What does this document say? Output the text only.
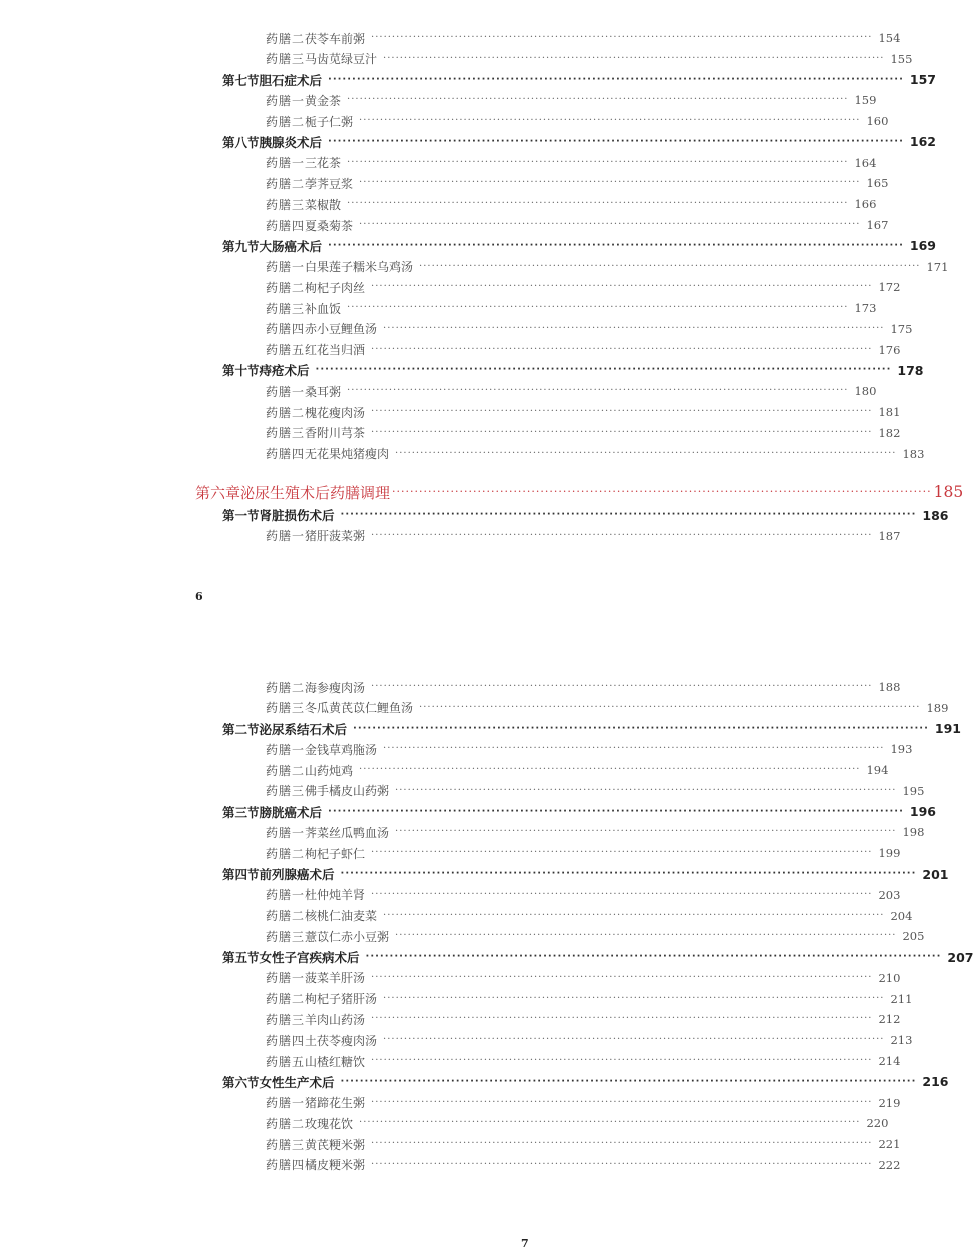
药膳二 茯苓车前粥 ························································································································ 154
药膳三 马齿苋绿豆汁 ························································································································ 155
第七节 胆石症术后 ························································································································ 157
药膳一 黄金茶 ························································································································ 159
药膳二 栀子仁粥 ························································································································ 160
第八节 胰腺炎术后 ························································································································ 162
药膳一 三花茶 ························································································································ 164
药膳二 荸荠豆浆 ························································································································ 165
药膳三 菜椒散 ························································································································ 166
药膳四 夏桑菊茶 ························································································································ 167
第九节 大肠癌术后 ························································································································ 169
药膳一 白果莲子糯米乌鸡汤 ························································································································ 171
药膳二 枸杞子肉丝 ························································································································ 172
药膳三 补血饭 ························································································································ 173
药膳四 赤小豆鲤鱼汤 ························································································································ 175
药膳五 红花当归酒 ························································································································ 176
第十节 痔疮术后 ························································································································ 178
药膳一 桑耳粥 ························································································································ 180
药膳二 槐花瘦肉汤 ························································································································ 181
药膳三 香附川芎茶 ························································································································ 182
药膳四 无花果炖猪瘦肉 ························································································································ 183
第六章 泌尿生殖术后药膳调理 ························································································································ 185
第一节 肾脏损伤术后 ························································································································ 186
药膳一 猪肝菠菜粥 ························································································································ 187
6
药膳二 海参瘦肉汤 ························································································································ 188
药膳三 冬瓜黄芪苡仁鲤鱼汤 ························································································································ 189
第二节 泌尿系结石术后 ························································································································ 191
药膳一 金钱草鸡胣汤 ························································································································ 193
药膳二 山药炖鸡 ························································································································ 194
药膳三 佛手橘皮山药粥 ························································································································ 195
第三节 膀胱癌术后 ························································································································ 196
药膳一 荠菜丝瓜鸭血汤 ························································································································ 198
药膳二 枸杞子虾仁 ························································································································ 199
第四节 前列腺癌术后 ························································································································ 201
药膳一 杜仲炖羊肾 ························································································································ 203
药膳二 核桃仁油麦菜 ························································································································ 204
药膳三 薏苡仁赤小豆粥 ························································································································ 205
第五节 女性子宫疾病术后 ························································································································ 207
药膳一 菠菜羊肝汤 ························································································································ 210
药膳二 枸杞子猪肝汤 ························································································································ 211
药膳三 羊肉山药汤 ························································································································ 212
药膳四 土茯苓瘦肉汤 ························································································································ 213
药膳五 山楂红糖饮 ························································································································ 214
第六节 女性生产术后 ························································································································ 216
药膳一 猪蹄花生粥 ························································································································ 219
药膳二 玫瑰花饮 ························································································································ 220
药膳三 黄芪粳米粥 ························································································································ 221
药膳四 橘皮粳米粥 ························································································································ 222
7
